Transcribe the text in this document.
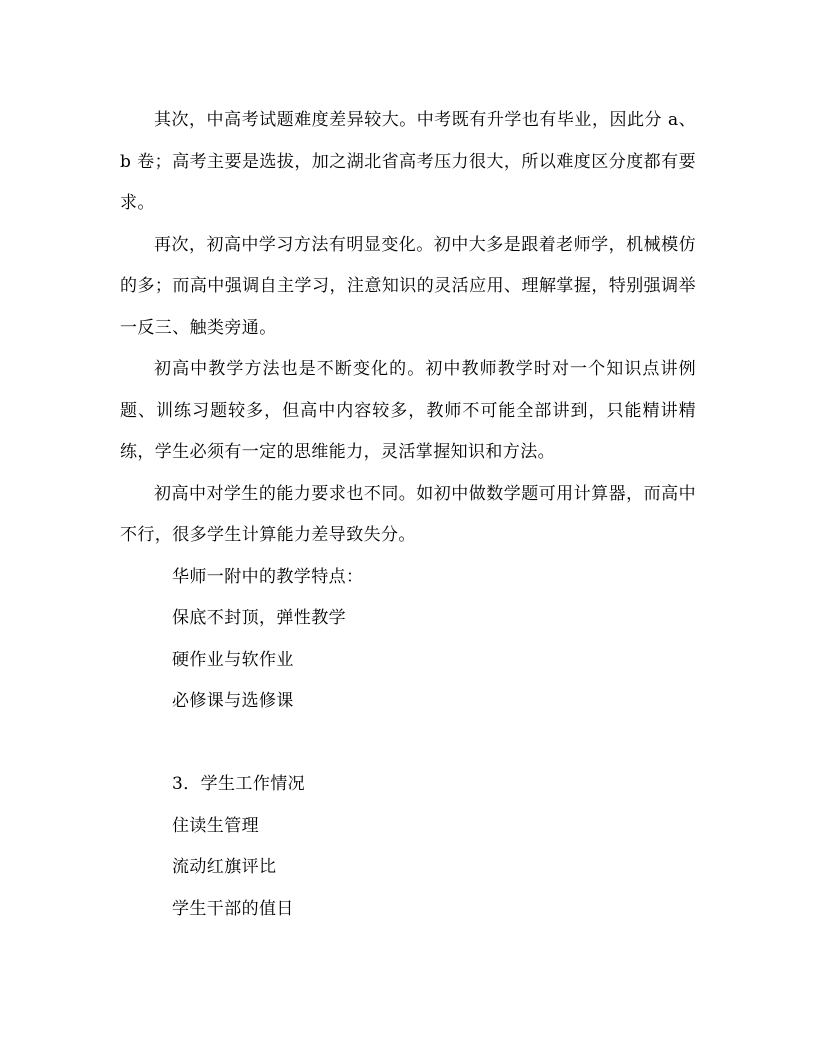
其次，中高考试题难度差异较大。中考既有升学也有毕业，因此分 a、b 卷；高考主要是选拔，加之湖北省高考压力很大，所以难度区分度都有要求。

再次，初高中学习方法有明显变化。初中大多是跟着老师学，机械模仿的多；而高中强调自主学习，注意知识的灵活应用、理解掌握，特别强调举一反三、触类旁通。

初高中教学方法也是不断变化的。初中教师教学时对一个知识点讲例题、训练习题较多，但高中内容较多，教师不可能全部讲到，只能精讲精练，学生必须有一定的思维能力，灵活掌握知识和方法。

初高中对学生的能力要求也不同。如初中做数学题可用计算器，而高中不行，很多学生计算能力差导致失分。

华师一附中的教学特点：

保底不封顶，弹性教学

硬作业与软作业

必修课与选修课

3．学生工作情况

住读生管理

流动红旗评比

学生干部的值日
